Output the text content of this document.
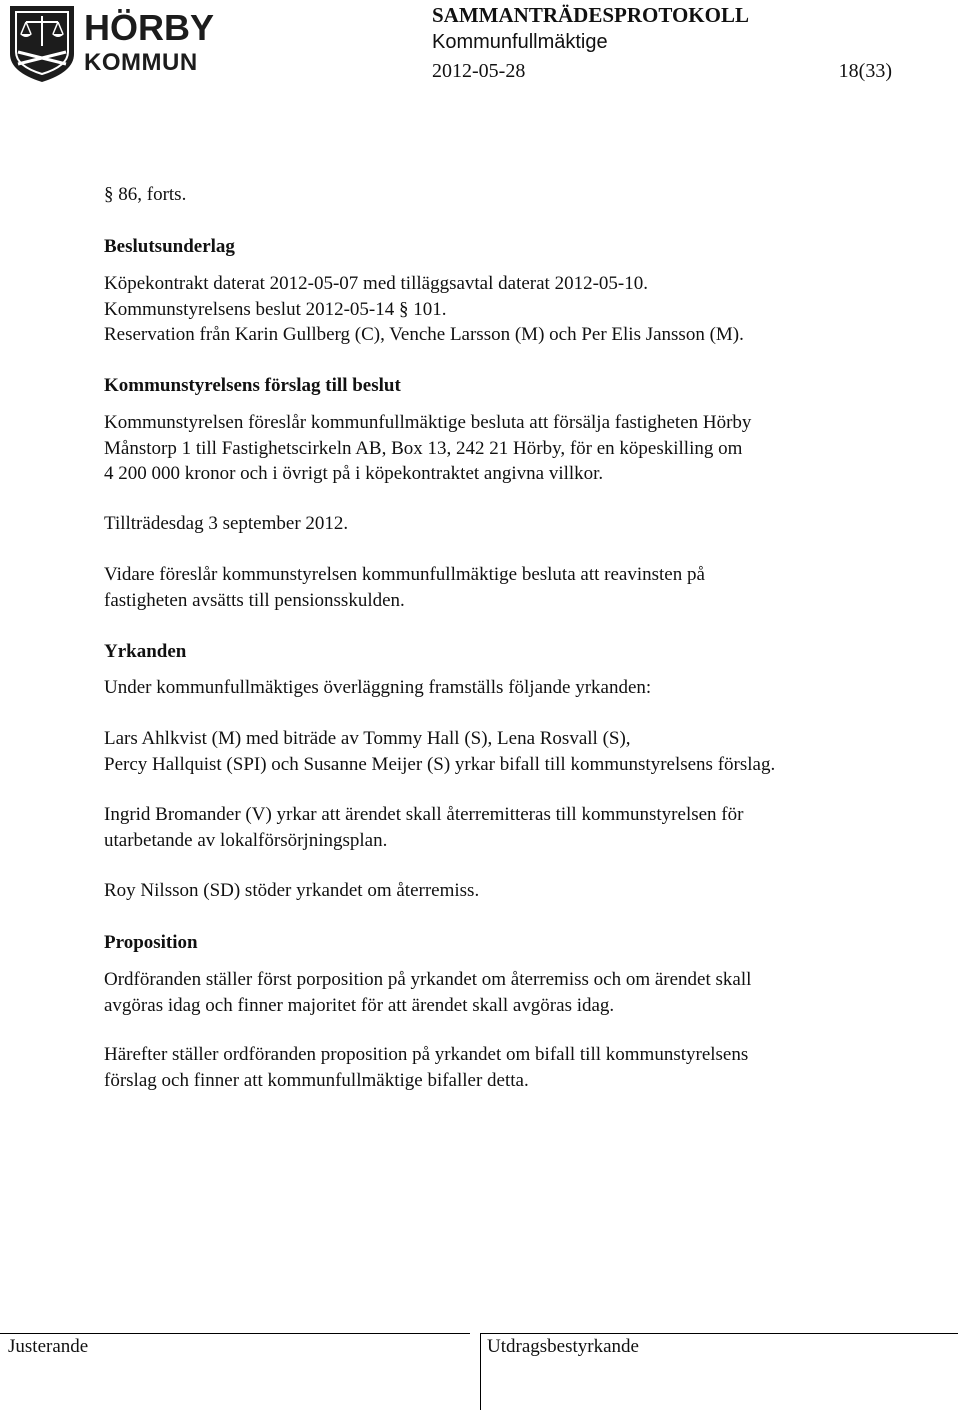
HÖRBY
KOMMUN
SAMMANTRÄDESPROTOKOLL
Kommunfullmäktige
2012-05-28	18(33)

§ 86, forts.

Beslutsunderlag

Köpekontrakt daterat 2012-05-07 med tilläggsavtal daterat 2012-05-10.
Kommunstyrelsens beslut 2012-05-14 § 101.
Reservation från Karin Gullberg (C), Venche Larsson (M) och Per Elis Jansson (M).

Kommunstyrelsens förslag till beslut

Kommunstyrelsen föreslår kommunfullmäktige besluta att försälja fastigheten Hörby
Månstorp 1 till Fastighetscirkeln AB, Box 13, 242 21 Hörby, för en köpeskilling om
4 200 000 kronor och i övrigt på i köpekontraktet angivna villkor.
Tillträdesdag 3 september 2012.
Vidare föreslår kommunstyrelsen kommunfullmäktige besluta att reavinsten på
fastigheten avsätts till pensionsskulden.

Yrkanden

Under kommunfullmäktiges överläggning framställs följande yrkanden:
Lars Ahlkvist (M) med biträde av Tommy Hall (S), Lena Rosvall (S),
Percy Hallquist (SPI) och Susanne Meijer (S) yrkar bifall till kommunstyrelsens förslag.
Ingrid Bromander (V) yrkar att ärendet skall återremitteras till kommunstyrelsen för
utarbetande av lokalförsörjningsplan.
Roy Nilsson (SD) stöder yrkandet om återremiss.

Proposition

Ordföranden ställer först porposition på yrkandet om återremiss och om ärendet skall
avgöras idag och finner majoritet för att ärendet skall avgöras idag.
Härefter ställer ordföranden proposition på yrkandet om bifall till kommunstyrelsens
förslag och finner att kommunfullmäktige bifaller detta.
Justerande	Utdragsbestyrkande
